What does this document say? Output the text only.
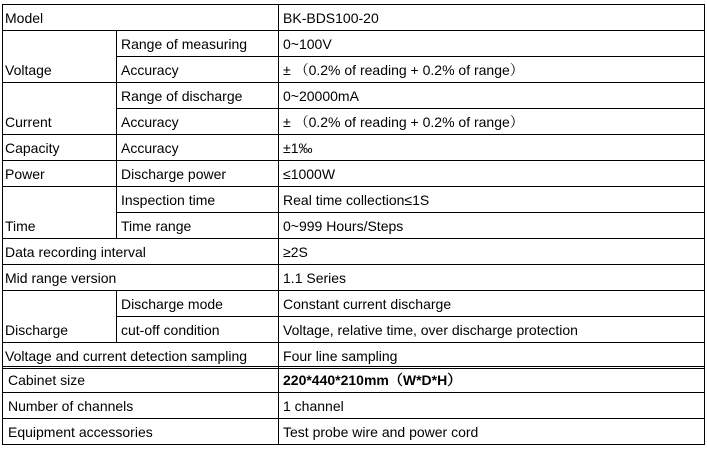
Model		BK-BDS100-20
Voltage	Range of measuring	0~100V
	Accuracy	± （0.2% of reading + 0.2% of range）
Current	Range of discharge	0~20000mA
	Accuracy	± （0.2% of reading + 0.2% of range）
Capacity	Accuracy	±1‰
Power	Discharge power	≤1000W
Time	Inspection time	Real time collection≤1S
	Time range	0~999 Hours/Steps
Data recording interval		≥2S
Mid range version		1.1 Series
Discharge	Discharge mode	Constant current discharge
	cut-off condition	Voltage, relative time, over discharge protection
Voltage and current detection sampling		Four line sampling
Cabinet size	220*440*210mm（W*D*H）
Number of channels	1 channel
Equipment accessories	Test probe wire and power cord
